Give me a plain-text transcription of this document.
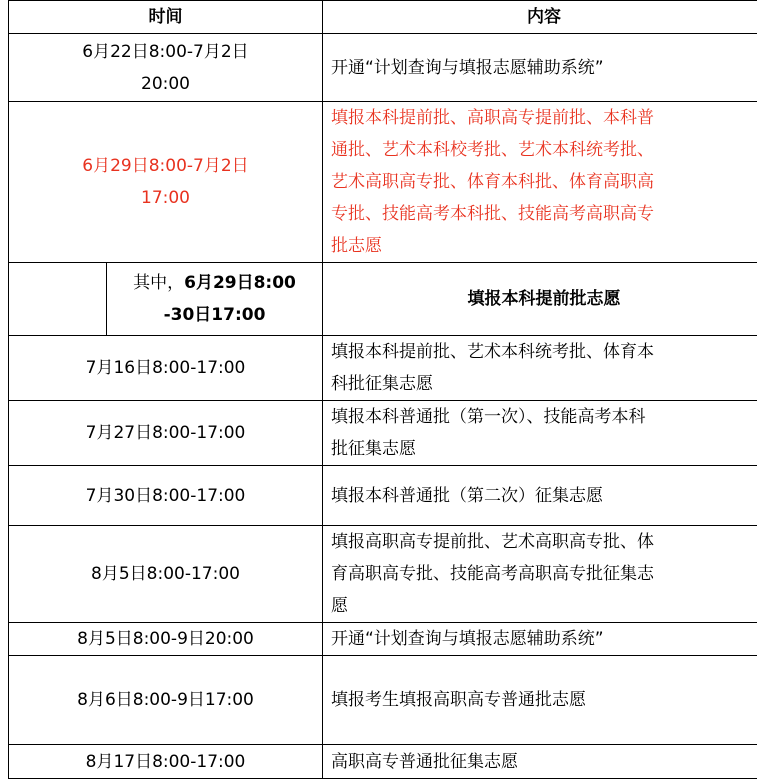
时间		内容
6月22日8:00-7月2日
20:00		开通“计划查询与填报志愿辅助系统”
6月29日8:00-7月2日
17:00		填报本科提前批、高职高专提前批、本科普
通批、艺术本科校考批、艺术本科统考批、
艺术高职高专批、体育本科批、体育高职高
专批、技能高考本科批、技能高考高职高专
批志愿
	其中，6月29日8:00
-30日17:00	填报本科提前批志愿
7月16日8:00-17:00		填报本科提前批、艺术本科统考批、体育本
科批征集志愿
7月27日8:00-17:00		填报本科普通批（第一次）、技能高考本科
批征集志愿
7月30日8:00-17:00		填报本科普通批（第二次）征集志愿
8月5日8:00-17:00		填报高职高专提前批、艺术高职高专批、体
育高职高专批、技能高考高职高专批征集志
愿
8月5日8:00-9日20:00		开通“计划查询与填报志愿辅助系统”
8月6日8:00-9日17:00		填报考生填报高职高专普通批志愿
8月17日8:00-17:00		高职高专普通批征集志愿
